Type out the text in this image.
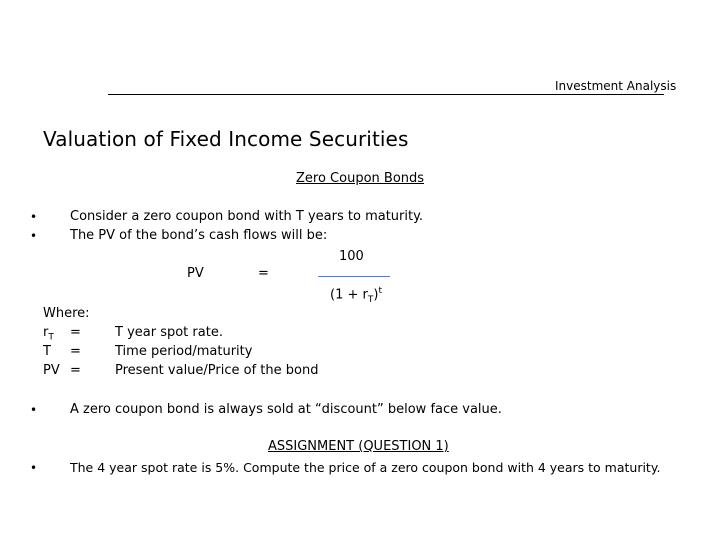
Investment Analysis
Valuation of Fixed Income Securities
Zero Coupon Bonds
•	Consider a zero coupon bond with T years to maturity.
•	The PV of the bond’s cash flows will be:
100
PV	=
$(1 + r_T)^t$
Where:
$r_T$ =	T year spot rate.
T =	Time period/maturity
PV =	Present value/Price of the bond
•	A zero coupon bond is always sold at “discount” below face value.
ASSIGNMENT (QUESTION 1)
•	The 4 year spot rate is 5%. Compute the price of a zero coupon bond with 4 years to maturity.
